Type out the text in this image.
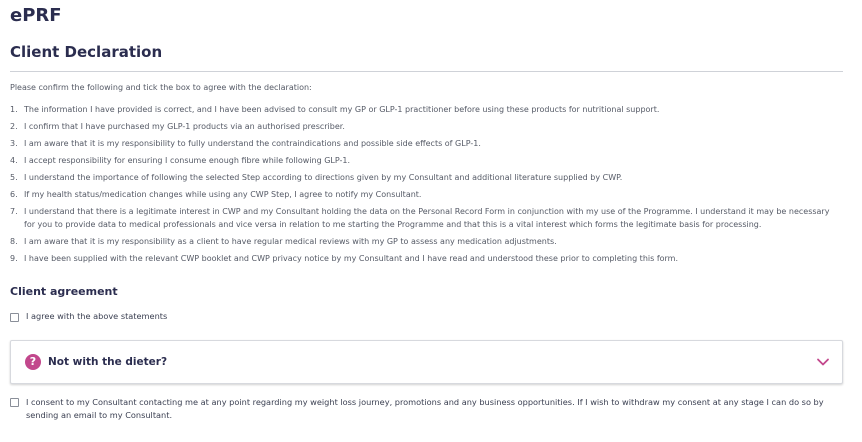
ePRF
Client Declaration
Please confirm the following and tick the box to agree with the declaration:
1. The information I have provided is correct, and I have been advised to consult my GP or GLP-1 practitioner before using these products for nutritional support.
2. I confirm that I have purchased my GLP-1 products via an authorised prescriber.
3. I am aware that it is my responsibility to fully understand the contraindications and possible side effects of GLP-1.
4. I accept responsibility for ensuring I consume enough fibre while following GLP-1.
5. I understand the importance of following the selected Step according to directions given by my Consultant and additional literature supplied by CWP.
6. If my health status/medication changes while using any CWP Step, I agree to notify my Consultant.
7. I understand that there is a legitimate interest in CWP and my Consultant holding the data on the Personal Record Form in conjunction with my use of the Programme. I understand it may be necessary for you to provide data to medical professionals and vice versa in relation to me starting the Programme and that this is a vital interest which forms the legitimate basis for processing.
8. I am aware that it is my responsibility as a client to have regular medical reviews with my GP to assess any medication adjustments.
9. I have been supplied with the relevant CWP booklet and CWP privacy notice by my Consultant and I have read and understood these prior to completing this form.
Client agreement
I agree with the above statements
?	Not with the dieter?
I consent to my Consultant contacting me at any point regarding my weight loss journey, promotions and any business opportunities. If I wish to withdraw my consent at any stage I can do so by sending an email to my Consultant.
